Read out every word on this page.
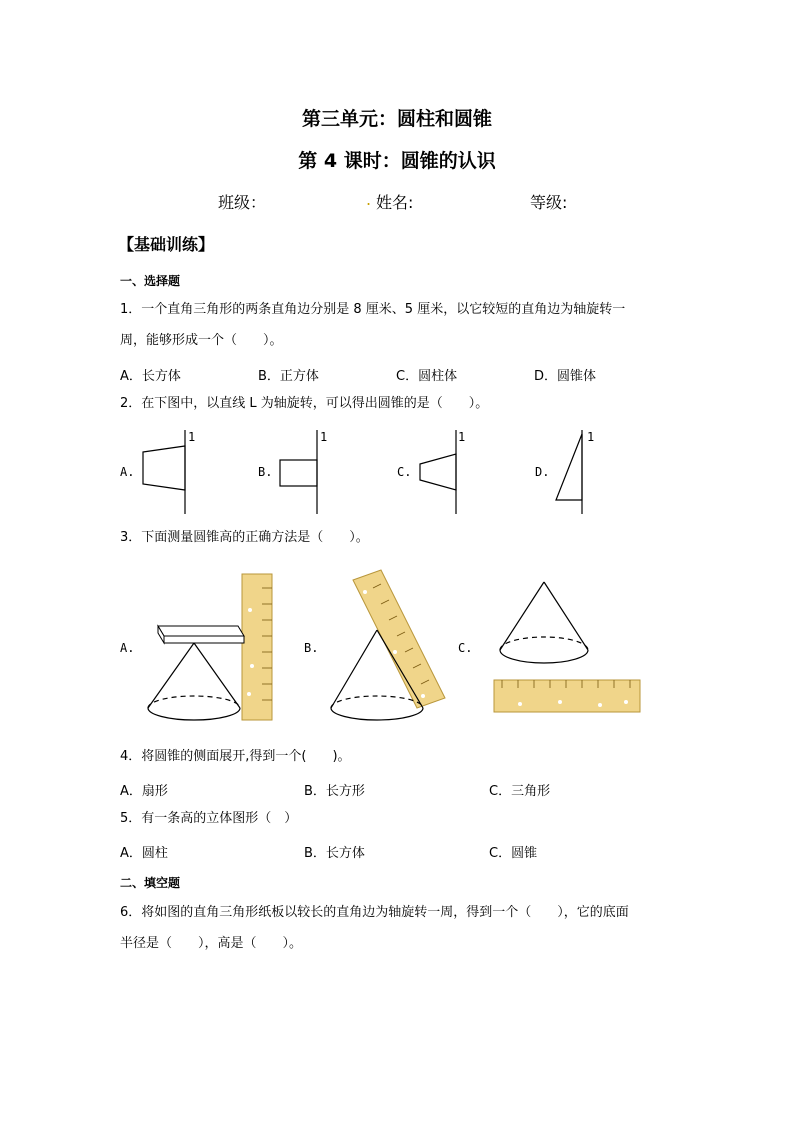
第三单元：圆柱和圆锥
第 4 课时：圆锥的认识
班级：	. 姓名:	等级:
【基础训练】
一、选择题
1．一个直角三角形的两条直角边分别是 8 厘米、5 厘米，以它较短的直角边为轴旋转一
周，能够形成一个（　　）。
A．长方体	B．正方体	C．圆柱体	D．圆锥体
2．在下图中，以直线 L 为轴旋转，可以得出圆锥的是（　　）。
A.
1
B.
1
C.
1
D.
1
3．下面测量圆锥高的正确方法是（　　）。
A.	B.	C.
4．将圆锥的侧面展开,得到一个(　　)。
A．扇形	B．长方形	C．三角形
5．有一条高的立体图形（　）
A．圆柱	B．长方体	C．圆锥
二、填空题
6．将如图的直角三角形纸板以较长的直角边为轴旋转一周，得到一个（　　），它的底面
半径是（　　），高是（　　）。
